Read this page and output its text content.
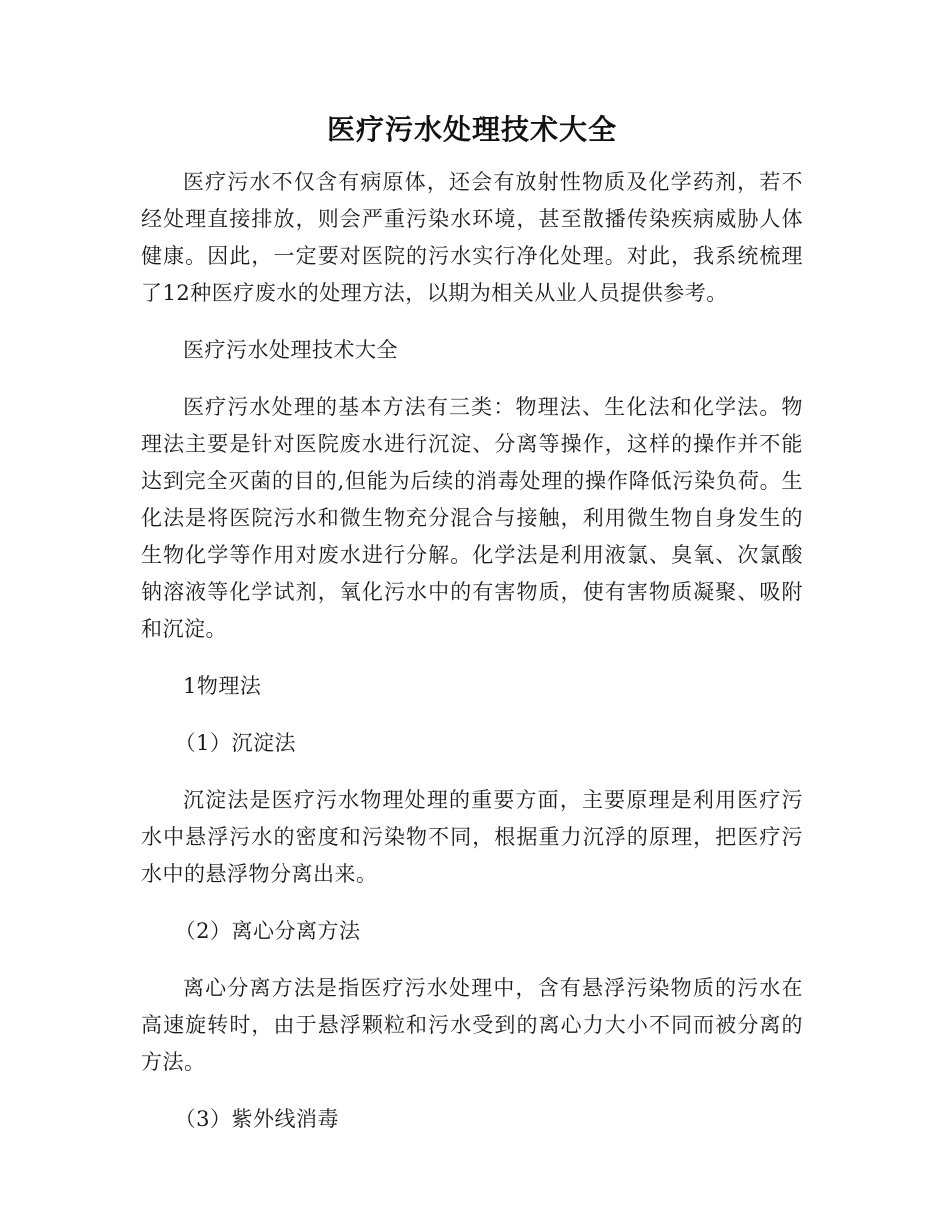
医疗污水处理技术大全

医疗污水不仅含有病原体，还会有放射性物质及化学药剂，若不经处理直接排放，则会严重污染水环境，甚至散播传染疾病威胁人体健康。因此，一定要对医院的污水实行净化处理。对此，我系统梳理了12种医疗废水的处理方法，以期为相关从业人员提供参考。

医疗污水处理技术大全

医疗污水处理的基本方法有三类：物理法、生化法和化学法。物理法主要是针对医院废水进行沉淀、分离等操作，这样的操作并不能达到完全灭菌的目的,但能为后续的消毒处理的操作降低污染负荷。生化法是将医院污水和微生物充分混合与接触，利用微生物自身发生的生物化学等作用对废水进行分解。化学法是利用液氯、臭氧、次氯酸钠溶液等化学试剂，氧化污水中的有害物质，使有害物质凝聚、吸附和沉淀。

1物理法

（1）沉淀法

沉淀法是医疗污水物理处理的重要方面，主要原理是利用医疗污水中悬浮污水的密度和污染物不同，根据重力沉浮的原理，把医疗污水中的悬浮物分离出来。

（2）离心分离方法

离心分离方法是指医疗污水处理中，含有悬浮污染物质的污水在高速旋转时，由于悬浮颗粒和污水受到的离心力大小不同而被分离的方法。

（3）紫外线消毒
